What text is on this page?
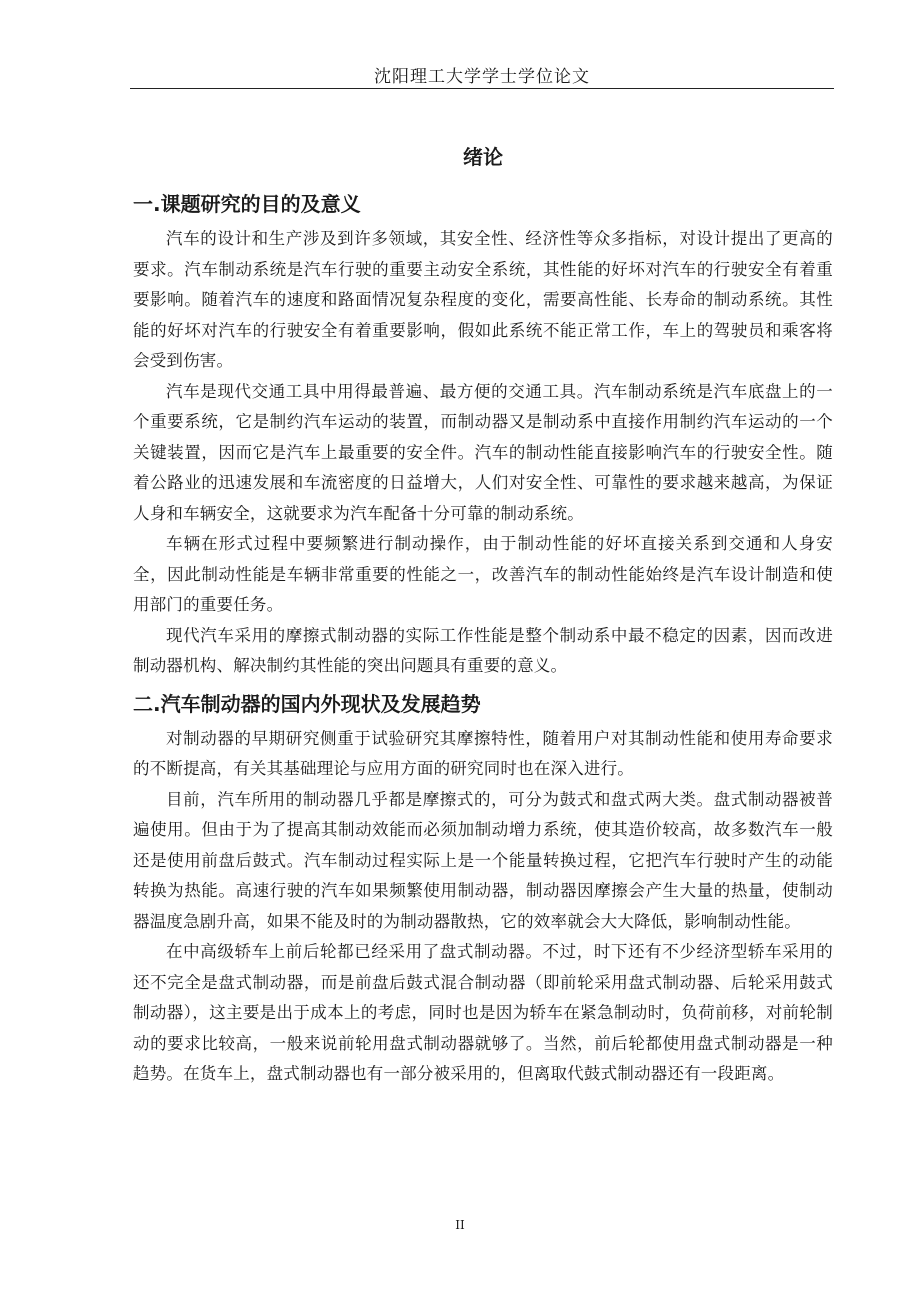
沈阳理工大学学士学位论文
绪论
一.课题研究的目的及意义

汽车的设计和生产涉及到许多领域，其安全性、经济性等众多指标，对设计提出了更高的要求。汽车制动系统是汽车行驶的重要主动安全系统，其性能的好坏对汽车的行驶安全有着重要影响。随着汽车的速度和路面情况复杂程度的变化，需要高性能、长寿命的制动系统。其性能的好坏对汽车的行驶安全有着重要影响，假如此系统不能正常工作，车上的驾驶员和乘客将会受到伤害。

汽车是现代交通工具中用得最普遍、最方便的交通工具。汽车制动系统是汽车底盘上的一个重要系统，它是制约汽车运动的装置，而制动器又是制动系中直接作用制约汽车运动的一个关键装置，因而它是汽车上最重要的安全件。汽车的制动性能直接影响汽车的行驶安全性。随着公路业的迅速发展和车流密度的日益增大，人们对安全性、可靠性的要求越来越高，为保证人身和车辆安全，这就要求为汽车配备十分可靠的制动系统。

车辆在形式过程中要频繁进行制动操作，由于制动性能的好坏直接关系到交通和人身安全，因此制动性能是车辆非常重要的性能之一，改善汽车的制动性能始终是汽车设计制造和使用部门的重要任务。

现代汽车采用的摩擦式制动器的实际工作性能是整个制动系中最不稳定的因素，因而改进制动器机构、解决制约其性能的突出问题具有重要的意义。

二.汽车制动器的国内外现状及发展趋势

对制动器的早期研究侧重于试验研究其摩擦特性，随着用户对其制动性能和使用寿命要求的不断提高，有关其基础理论与应用方面的研究同时也在深入进行。

目前，汽车所用的制动器几乎都是摩擦式的，可分为鼓式和盘式两大类。盘式制动器被普遍使用。但由于为了提高其制动效能而必须加制动增力系统，使其造价较高，故多数汽车一般还是使用前盘后鼓式。汽车制动过程实际上是一个能量转换过程，它把汽车行驶时产生的动能转换为热能。高速行驶的汽车如果频繁使用制动器，制动器因摩擦会产生大量的热量，使制动器温度急剧升高，如果不能及时的为制动器散热，它的效率就会大大降低，影响制动性能。

在中高级轿车上前后轮都已经采用了盘式制动器。不过，时下还有不少经济型轿车采用的还不完全是盘式制动器，而是前盘后鼓式混合制动器（即前轮采用盘式制动器、后轮采用鼓式制动器），这主要是出于成本上的考虑，同时也是因为轿车在紧急制动时，负荷前移，对前轮制动的要求比较高，一般来说前轮用盘式制动器就够了。当然，前后轮都使用盘式制动器是一种趋势。在货车上，盘式制动器也有一部分被采用的，但离取代鼓式制动器还有一段距离。

II
